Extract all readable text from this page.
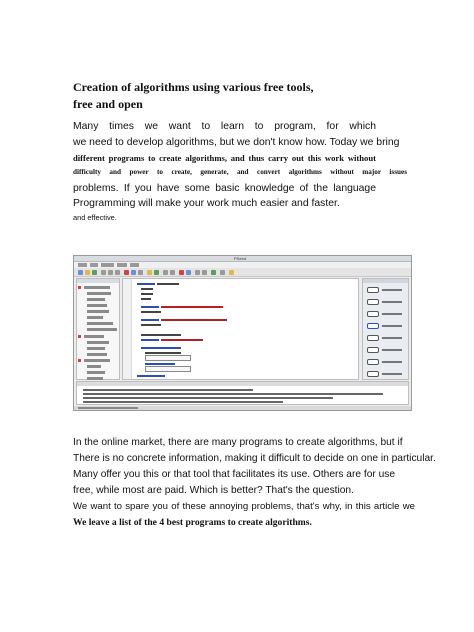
Creation of algorithms using various free tools,
free and open
Many times we want to learn to program, for which
we need to develop algorithms, but we don't know how. Today we bring
different programs to create algorithms, and thus carry out this work without
difficulty and power to create, generate, and convert algorithms without major issues
problems. If you have some basic knowledge of the language
Programming will make your work much easier and faster.
and effective.
PSeInt
In the online market, there are many programs to create algorithms, but if
There is no concrete information, making it difficult to decide on one in particular.
Many offer you this or that tool that facilitates its use. Others are for use
free, while most are paid. Which is better? That's the question.
We want to spare you of these annoying problems, that's why, in this article we
We leave a list of the 4 best programs to create algorithms.
